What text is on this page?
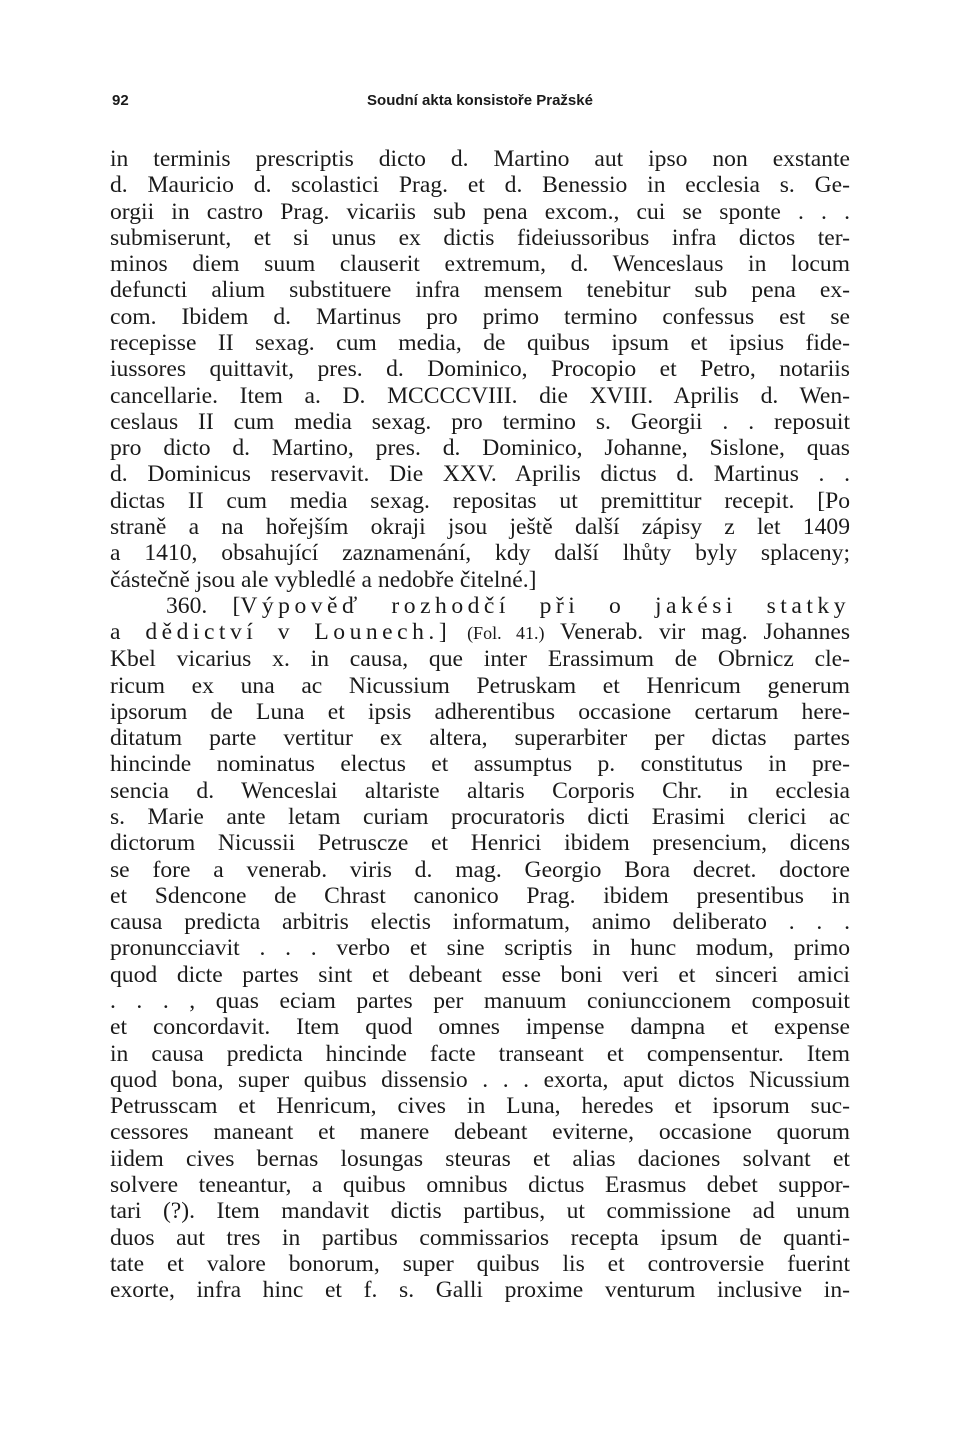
92	Soudní akta konsistoře Pražské
in terminis prescriptis dicto d. Martino aut ipso non exstante
d. Mauricio d. scolastici Prag. et d. Benessio in ecclesia s. Ge-
orgii in castro Prag. vicariis sub pena excom., cui se sponte . . .
submiserunt, et si unus ex dictis fideiussoribus infra dictos ter-
minos diem suum clauserit extremum, d. Wenceslaus in locum
defuncti alium substituere infra mensem tenebitur sub pena ex-
com. Ibidem d. Martinus pro primo termino confessus est se
recepisse II sexag. cum media, de quibus ipsum et ipsius fide-
iussores quittavit, pres. d. Dominico, Procopio et Petro, notariis
cancellarie. Item a. D. MCCCCVIII. die XVIII. Aprilis d. Wen-
ceslaus II cum media sexag. pro termino s. Georgii . . reposuit
pro dicto d. Martino, pres. d. Dominico, Johanne, Sislone, quas
d. Dominicus reservavit. Die XXV. Aprilis dictus d. Martinus . .
dictas II cum media sexag. repositas ut premittitur recepit. [Po
straně a na hořejším okraji jsou ještě další zápisy z let 1409
a 1410, obsahující zaznamenání, kdy další lhůty byly splaceny;
částečně jsou ale vybledlé a nedobře čitelné.]
360. [Výpověď rozhodčí při o jakési statky
a dědictví v Lounech.] (Fol. 41.) Venerab. vir mag. Johannes
Kbel vicarius x. in causa, que inter Erassimum de Obrnicz cle-
ricum ex una ac Nicussium Petruskam et Henricum generum
ipsorum de Luna et ipsis adherentibus occasione certarum here-
ditatum parte vertitur ex altera, superarbiter per dictas partes
hincinde nominatus electus et assumptus p. constitutus in pre-
sencia d. Wenceslai altariste altaris Corporis Chr. in ecclesia
s. Marie ante letam curiam procuratoris dicti Erasimi clerici ac
dictorum Nicussii Petruscze et Henrici ibidem presencium, dicens
se fore a venerab. viris d. mag. Georgio Bora decret. doctore
et Sdencone de Chrast canonico Prag. ibidem presentibus in
causa predicta arbitris electis informatum, animo deliberato . . .
pronuncciavit . . . verbo et sine scriptis in hunc modum, primo
quod dicte partes sint et debeant esse boni veri et sinceri amici
. . . , quas eciam partes per manuum coniunccionem composuit
et concordavit. Item quod omnes impense dampna et expense
in causa predicta hincinde facte transeant et compensentur. Item
quod bona, super quibus dissensio . . . exorta, aput dictos Nicussium
Petrusscam et Henricum, cives in Luna, heredes et ipsorum suc-
cessores maneant et manere debeant eviterne, occasione quorum
iidem cives bernas losungas steuras et alias daciones solvant et
solvere teneantur, a quibus omnibus dictus Erasmus debet suppor-
tari (?). Item mandavit dictis partibus, ut commissione ad unum
duos aut tres in partibus commissarios recepta ipsum de quanti-
tate et valore bonorum, super quibus lis et controversie fuerint
exorte, infra hinc et f. s. Galli proxime venturum inclusive in-
